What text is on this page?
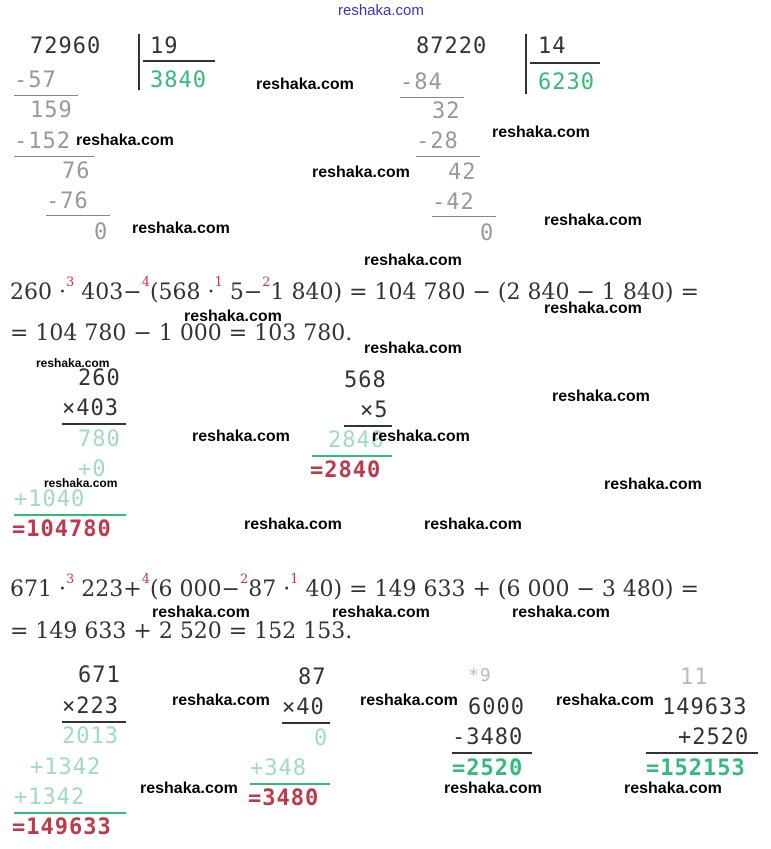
reshaka.com
72960 19
3840
-57
159
-152
76
-76
0
87220 14
6230
-84
32
-28
42
-42
0
260 ·$^3$ 403−$^4$(568 ·$^1$ 5−$^2$1 840) = 104 780 − (2 840 − 1 840) =
= 104 780 − 1 000 = 103 780.
260
×403
780
+0
+1040
=104780
568
×5
2840
=2840
671 ·$^3$ 223+$^4$(6 000−$^2$87 ·$^1$ 40) = 149 633 + (6 000 − 3 480) =
= 149 633 + 2 520 = 152 153.
671
×223
2013
+1342
+1342
=149633
87
×40
0
+348
=3480
*9
6000
-3480
=2520
11
149633
+2520
=152153
reshaka.com
reshaka.com	reshaka.com
reshaka.com
reshaka.com	reshaka.com
reshaka.com
reshaka.com
reshaka.com
reshaka.com
reshaka.com
reshaka.com
reshaka.com	reshaka.com
reshaka.com	reshaka.com
reshaka.com	reshaka.com
reshaka.com	reshaka.com	reshaka.com
reshaka.com	reshaka.com	reshaka.com
reshaka.com	reshaka.com	reshaka.com
